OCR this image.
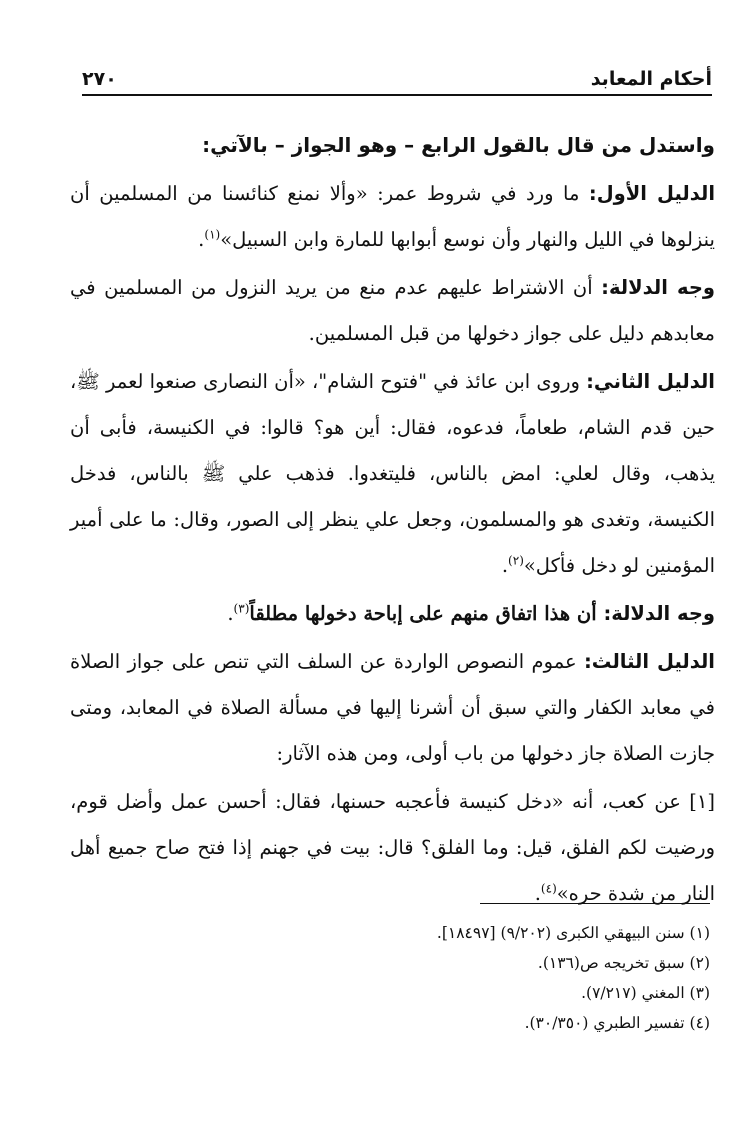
أحكام المعابد
٢٧٠

واستدل من قال بالقول الرابع – وهو الجواز – بالآتي:

الدليل الأول: ما ورد في شروط عمر: «وألا نمنع كنائسنا من المسلمين أن ينزلوها في الليل والنهار وأن نوسع أبوابها للمارة وابن السبيل»$^{(١)}$.

وجه الدلالة: أن الاشتراط عليهم عدم منع من يريد النزول من المسلمين في معابدهم دليل على جواز دخولها من قبل المسلمين.

الدليل الثاني: وروى ابن عائذ في "فتوح الشام"، «أن النصارى صنعوا لعمر ﷺ، حين قدم الشام، طعاماً، فدعوه، فقال: أين هو؟ قالوا: في الكنيسة، فأبى أن يذهب، وقال لعلي: امض بالناس، فليتغدوا. فذهب علي ﷺ بالناس، فدخل الكنيسة، وتغدى هو والمسلمون، وجعل علي ينظر إلى الصور، وقال: ما على أمير المؤمنين لو دخل فأكل»$^{(٢)}$.

وجه الدلالة: أن هذا اتفاق منهم على إباحة دخولها مطلقاً$^{(٣)}$.

الدليل الثالث: عموم النصوص الواردة عن السلف التي تنص على جواز الصلاة في معابد الكفار والتي سبق أن أشرنا إليها في مسألة الصلاة في المعابد، ومتى جازت الصلاة جاز دخولها من باب أولى، ومن هذه الآثار:

[١] عن كعب، أنه «دخل كنيسة فأعجبه حسنها، فقال: أحسن عمل وأضل قوم، ورضيت لكم الفلق، قيل: وما الفلق؟ قال: بيت في جهنم إذا فتح صاح جميع أهل النار من شدة حره»$^{(٤)}$.

(١) سنن البيهقي الكبرى (٩/٢٠٢) [١٨٤٩٧].
(٢) سبق تخريجه ص(١٣٦).
(٣) المغني (٧/٢١٧).
(٤) تفسير الطبري (٣٠/٣٥٠).
